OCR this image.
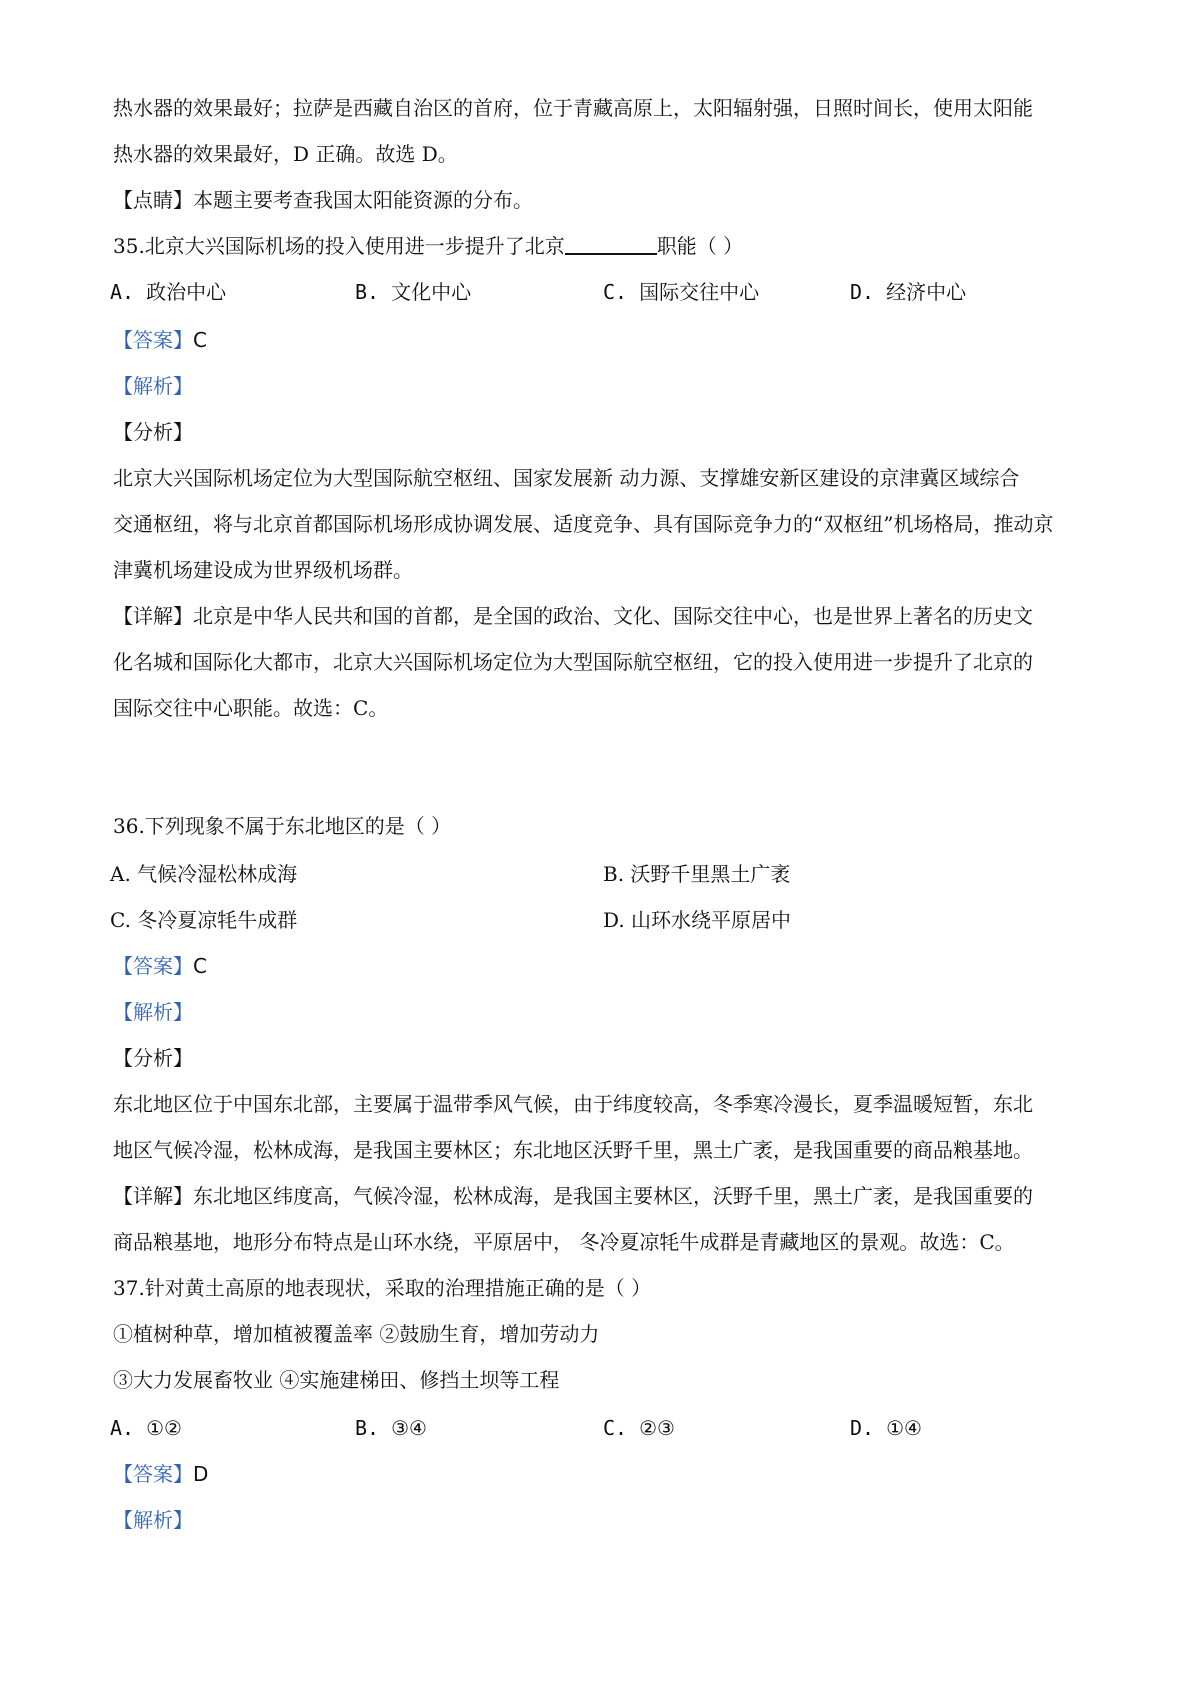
热水器的效果最好；拉萨是西藏自治区的首府，位于青藏高原上，太阳辐射强，日照时间长，使用太阳能
热水器的效果最好，D 正确。故选 D。
【点睛】本题主要考查我国太阳能资源的分布。
35.北京大兴国际机场的投入使用进一步提升了北京	职能（ ）
A. 政治中心	B. 文化中心	C. 国际交往中心	D. 经济中心
【答案】C
【解析】
【分析】
北京大兴国际机场定位为大型国际航空枢纽、国家发展新 动力源、支撑雄安新区建设的京津冀区域综合
交通枢纽，将与北京首都国际机场形成协调发展、适度竞争、具有国际竞争力的“双枢纽”机场格局，推动京
津冀机场建设成为世界级机场群。
【详解】北京是中华人民共和国的首都，是全国的政治、文化、国际交往中心，也是世界上著名的历史文
化名城和国际化大都市，北京大兴国际机场定位为大型国际航空枢纽，它的投入使用进一步提升了北京的
国际交往中心职能。故选：C。
36.下列现象不属于东北地区的是（ ）
A. 气候冷湿松林成海	B. 沃野千里黑土广袤
C. 冬冷夏凉牦牛成群	D. 山环水绕平原居中
【答案】C
【解析】
【分析】
东北地区位于中国东北部，主要属于温带季风气候，由于纬度较高，冬季寒冷漫长，夏季温暖短暂，东北
地区气候冷湿，松林成海，是我国主要林区；东北地区沃野千里，黑土广袤，是我国重要的商品粮基地。
【详解】东北地区纬度高，气候冷湿，松林成海，是我国主要林区，沃野千里，黑土广袤，是我国重要的
商品粮基地，地形分布特点是山环水绕，平原居中， 冬冷夏凉牦牛成群是青藏地区的景观。故选：C。
37.针对黄土高原的地表现状，采取的治理措施正确的是（ ）
①植树种草，增加植被覆盖率 ②鼓励生育，增加劳动力
③大力发展畜牧业 ④实施建梯田、修挡土坝等工程
A. ①②	B. ③④	C. ②③	D. ①④
【答案】D
【解析】
